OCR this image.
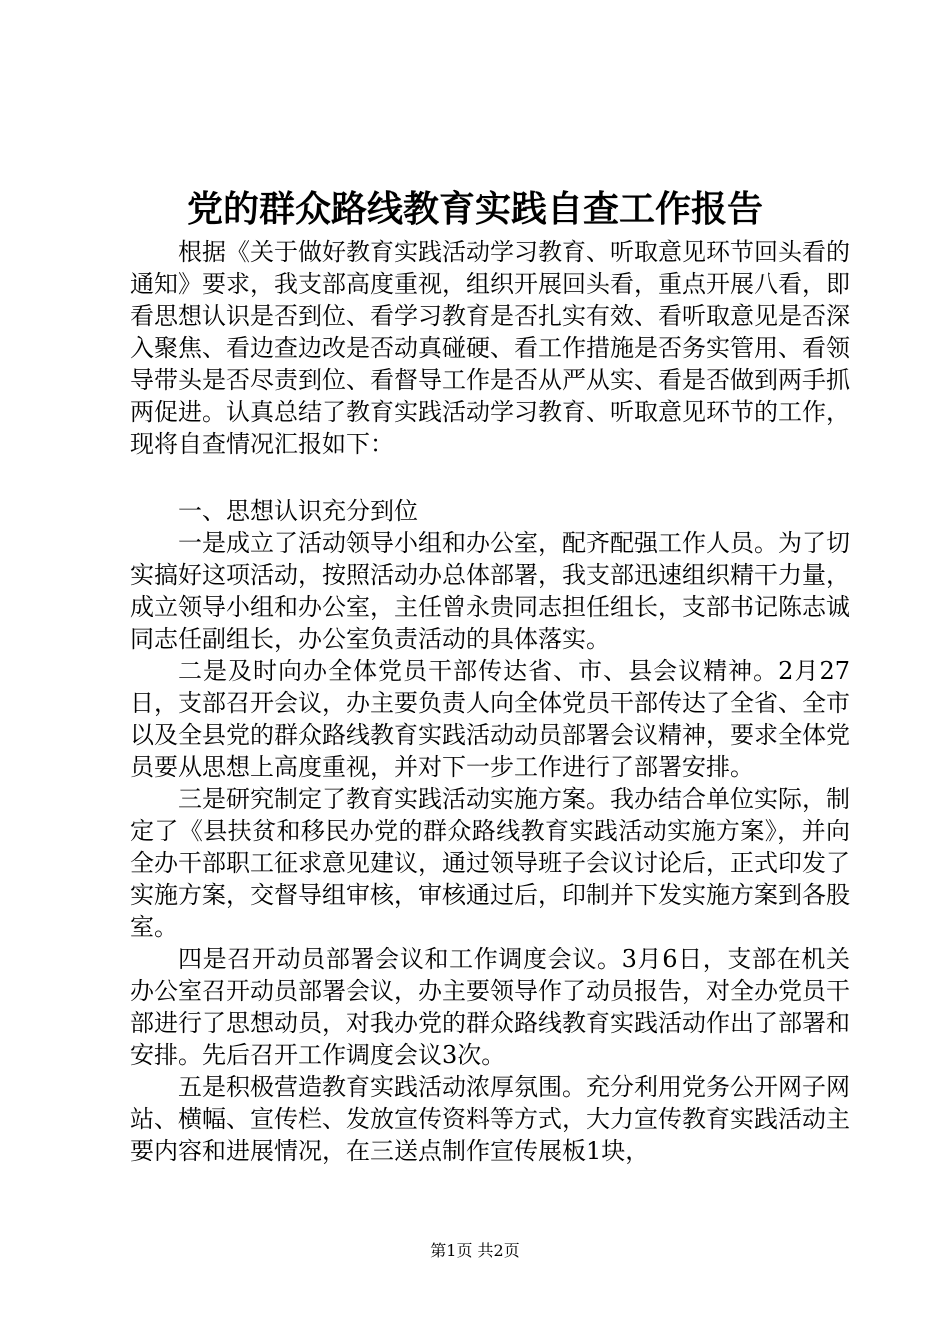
党的群众路线教育实践自查工作报告

根据《关于做好教育实践活动学习教育、听取意见环节回头看的通知》要求，我支部高度重视，组织开展回头看，重点开展八看，即看思想认识是否到位、看学习教育是否扎实有效、看听取意见是否深入聚焦、看边查边改是否动真碰硬、看工作措施是否务实管用、看领导带头是否尽责到位、看督导工作是否从严从实、看是否做到两手抓两促进。认真总结了教育实践活动学习教育、听取意见环节的工作，现将自查情况汇报如下：

一、思想认识充分到位

一是成立了活动领导小组和办公室，配齐配强工作人员。为了切实搞好这项活动，按照活动办总体部署，我支部迅速组织精干力量，成立领导小组和办公室，主任曾永贵同志担任组长，支部书记陈志诚同志任副组长，办公室负责活动的具体落实。

二是及时向办全体党员干部传达省、市、县会议精神。2月27日，支部召开会议，办主要负责人向全体党员干部传达了全省、全市以及全县党的群众路线教育实践活动动员部署会议精神，要求全体党员要从思想上高度重视，并对下一步工作进行了部署安排。

三是研究制定了教育实践活动实施方案。我办结合单位实际，制定了《县扶贫和移民办党的群众路线教育实践活动实施方案》，并向全办干部职工征求意见建议，通过领导班子会议讨论后，正式印发了实施方案，交督导组审核，审核通过后，印制并下发实施方案到各股室。

四是召开动员部署会议和工作调度会议。3月6日，支部在机关办公室召开动员部署会议，办主要领导作了动员报告，对全办党员干部进行了思想动员，对我办党的群众路线教育实践活动作出了部署和安排。先后召开工作调度会议3次。

五是积极营造教育实践活动浓厚氛围。充分利用党务公开网子网站、横幅、宣传栏、发放宣传资料等方式，大力宣传教育实践活动主要内容和进展情况，在三送点制作宣传展板1块，

第1页 共2页
